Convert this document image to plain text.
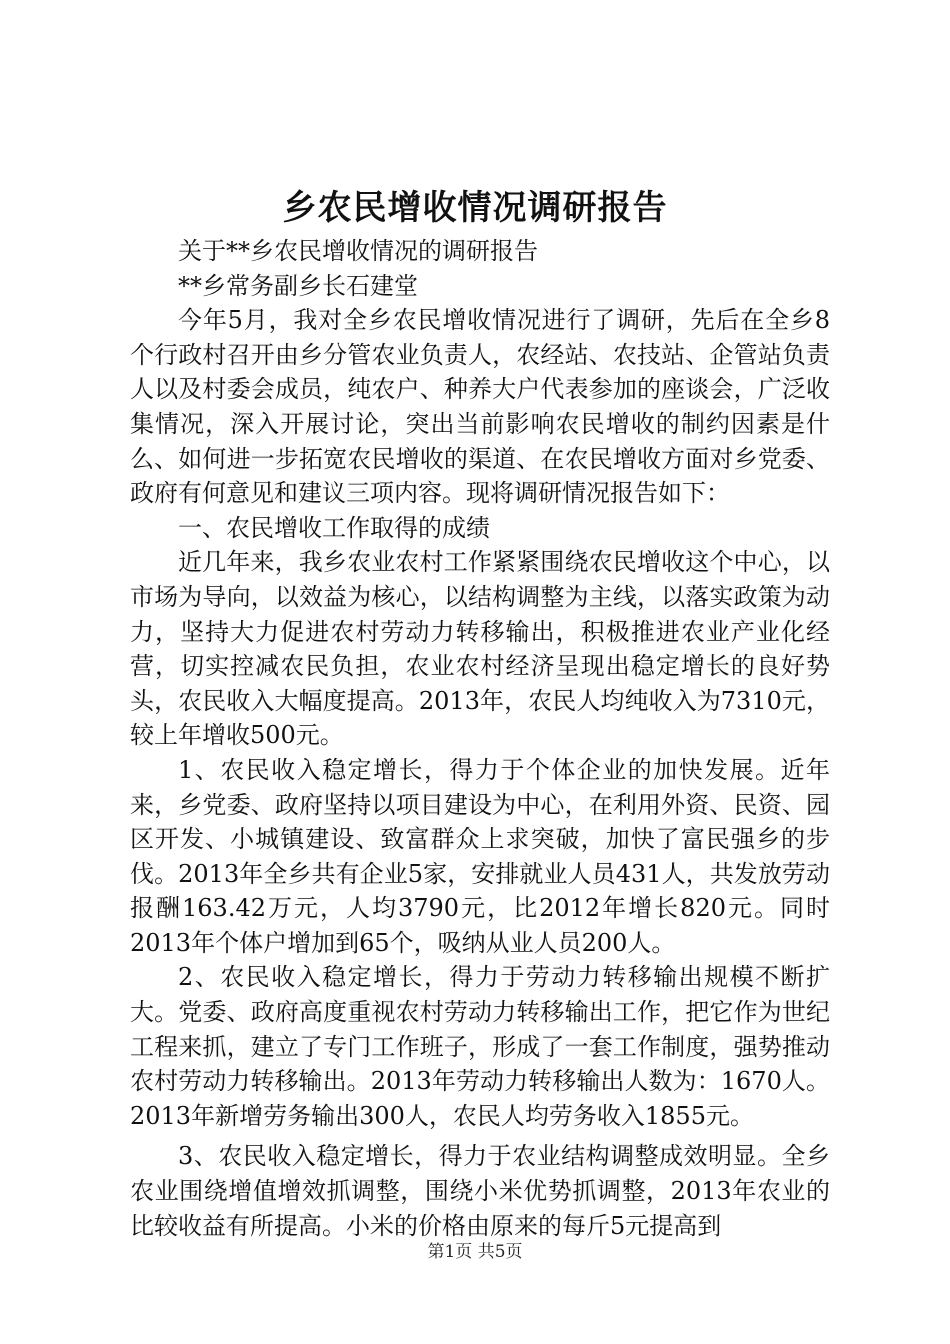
乡农民增收情况调研报告

关于**乡农民增收情况的调研报告

**乡常务副乡长石建堂

今年5月，我对全乡农民增收情况进行了调研，先后在全乡8个行政村召开由乡分管农业负责人，农经站、农技站、企管站负责人以及村委会成员，纯农户、种养大户代表参加的座谈会，广泛收集情况，深入开展讨论，突出当前影响农民增收的制约因素是什么、如何进一步拓宽农民增收的渠道、在农民增收方面对乡党委、政府有何意见和建议三项内容。现将调研情况报告如下：

一、农民增收工作取得的成绩

近几年来，我乡农业农村工作紧紧围绕农民增收这个中心，以市场为导向，以效益为核心，以结构调整为主线，以落实政策为动力，坚持大力促进农村劳动力转移输出，积极推进农业产业化经营，切实控减农民负担，农业农村经济呈现出稳定增长的良好势头，农民收入大幅度提高。2013年，农民人均纯收入为7310元，较上年增收500元。

1、农民收入稳定增长，得力于个体企业的加快发展。近年来，乡党委、政府坚持以项目建设为中心，在利用外资、民资、园区开发、小城镇建设、致富群众上求突破，加快了富民强乡的步伐。2013年全乡共有企业5家，安排就业人员431人，共发放劳动报酬163.42万元，人均3790元，比2012年增长820元。同时2013年个体户增加到65个，吸纳从业人员200人。

2、农民收入稳定增长，得力于劳动力转移输出规模不断扩大。党委、政府高度重视农村劳动力转移输出工作，把它作为世纪工程来抓，建立了专门工作班子，形成了一套工作制度，强势推动农村劳动力转移输出。2013年劳动力转移输出人数为：1670人。2013年新增劳务输出300人，农民人均劳务收入1855元。

3、农民收入稳定增长，得力于农业结构调整成效明显。全乡农业围绕增值增效抓调整，围绕小米优势抓调整，2013年农业的比较收益有所提高。小米的价格由原来的每斤5元提高到

第1页 共5页
